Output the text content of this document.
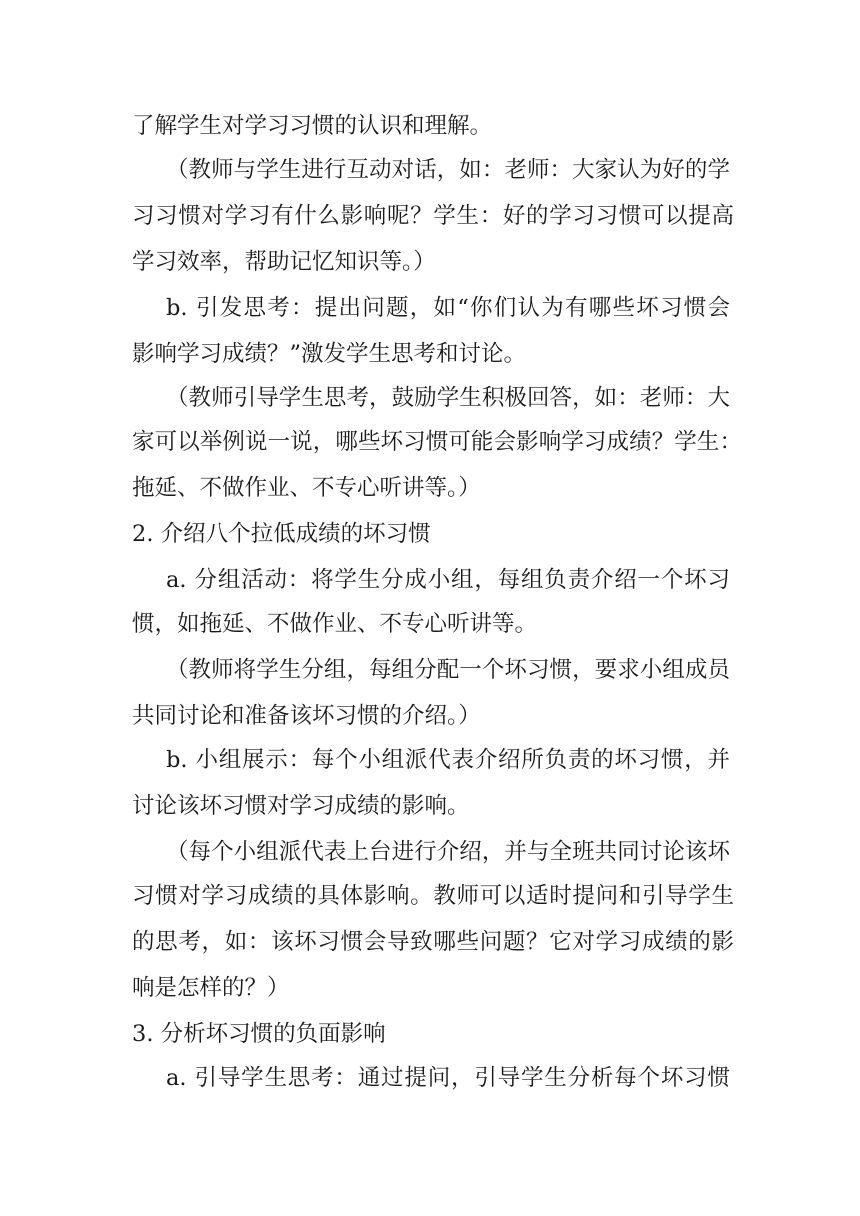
了解学生对学习习惯的认识和理解。
（教师与学生进行互动对话，如：老师：大家认为好的学
习习惯对学习有什么影响呢？学生：好的学习习惯可以提高
学习效率，帮助记忆知识等。）
b. 引发思考：提出问题，如“你们认为有哪些坏习惯会
影响学习成绩？”激发学生思考和讨论。
（教师引导学生思考，鼓励学生积极回答，如：老师：大
家可以举例说一说，哪些坏习惯可能会影响学习成绩？学生：
拖延、不做作业、不专心听讲等。）
2. 介绍八个拉低成绩的坏习惯
a. 分组活动：将学生分成小组，每组负责介绍一个坏习
惯，如拖延、不做作业、不专心听讲等。
（教师将学生分组，每组分配一个坏习惯，要求小组成员
共同讨论和准备该坏习惯的介绍。）
b. 小组展示：每个小组派代表介绍所负责的坏习惯，并
讨论该坏习惯对学习成绩的影响。
（每个小组派代表上台进行介绍，并与全班共同讨论该坏
习惯对学习成绩的具体影响。教师可以适时提问和引导学生
的思考，如：该坏习惯会导致哪些问题？它对学习成绩的影
响是怎样的？）
3. 分析坏习惯的负面影响
a. 引导学生思考：通过提问，引导学生分析每个坏习惯
